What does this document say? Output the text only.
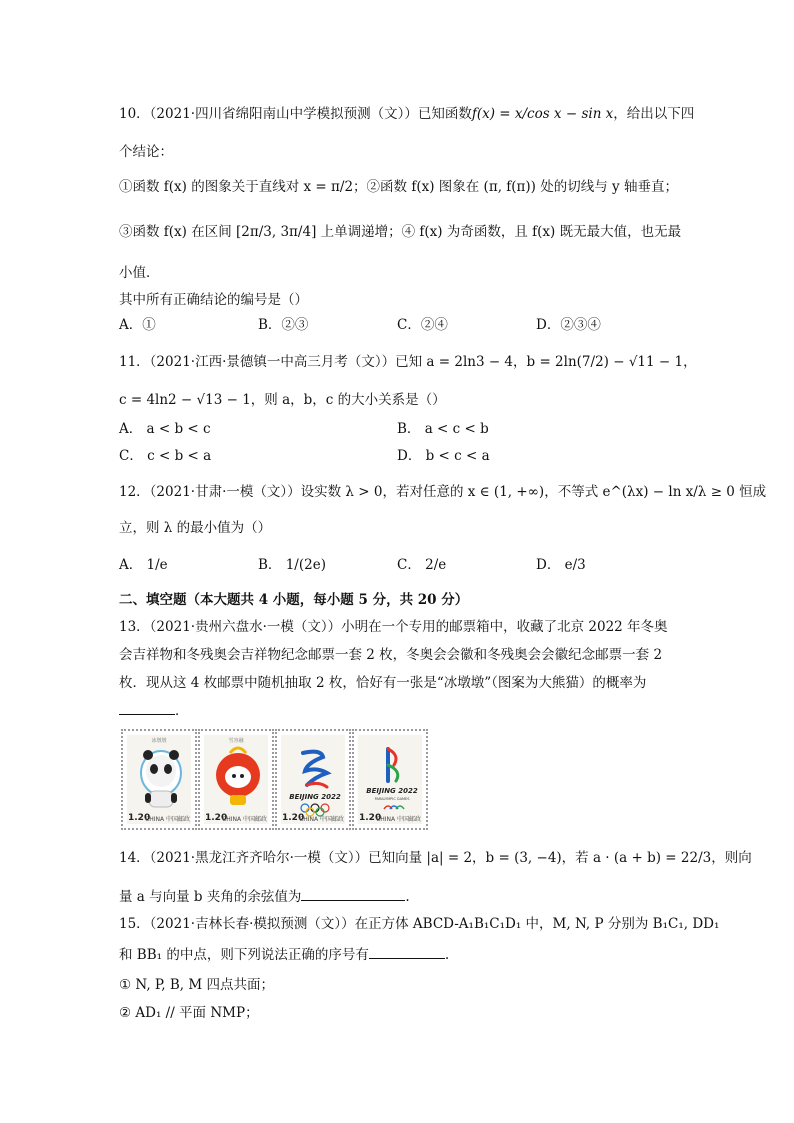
10．（2021·四川省绵阳南山中学模拟预测（文））已知函数f(x) = x/cos x − sin x，给出以下四
个结论：
①函数 f(x) 的图象关于直线对 x = π/2；②函数 f(x) 图象在 (π, f(π)) 处的切线与 y 轴垂直；
③函数 f(x) 在区间 [2π/3, 3π/4] 上单调递增；④ f(x) 为奇函数，且 f(x) 既无最大值，也无最
小值．
其中所有正确结论的编号是（）
A．①	B．②③	C．②④	D．②③④
11．（2021·江西·景德镇一中高三月考（文））已知 a = 2ln3 − 4，b = 2ln(7/2) − √11 − 1，
c = 4ln2 − √13 − 1，则 a，b，c 的大小关系是（）
A． a < b < c	B． a < c < b
C． c < b < a	D． b < c < a
12．（2021·甘肃·一模（文））设实数 λ > 0，若对任意的 x ∈ (1, +∞)，不等式 e^(λx) − ln x/λ ≥ 0 恒成
立，则 λ 的最小值为（）
A． 1/e	B． 1/(2e)	C． 2/e	D． e/3
二、填空题（本大题共 4 小题，每小题 5 分，共 20 分）
13．（2021·贵州六盘水·一模（文））小明在一个专用的邮票箱中，收藏了北京 2022 年冬奥
会吉祥物和冬残奥会吉祥物纪念邮票一套 2 枚，冬奥会会徽和冬残奥会会徽纪念邮票一套 2
枚．现从这 4 枚邮票中随机抽取 2 枚，恰好有一张是“冰墩墩”（图案为大熊猫）的概率为
．
冰墩墩
1.20
CHINA 中国邮政
雪容融
1.20
CHINA 中国邮政
BEIJING 2022
1.20
CHINA 中国邮政
BEIJING 2022
PARALYMPIC GAMES
1.20
CHINA 中国邮政
14．（2021·黑龙江齐齐哈尔·一模（文））已知向量 |a| = 2，b = (3, −4)，若 a · (a + b) = 22/3，则向
量 a 与向量 b 夹角的余弦值为	.
15．（2021·吉林长春·模拟预测（文））在正方体 ABCD-A₁B₁C₁D₁ 中，M, N, P 分别为 B₁C₁, DD₁
和 BB₁ 的中点，则下列说法正确的序号有	.
① N, P, B, M 四点共面；
② AD₁ // 平面 NMP；
